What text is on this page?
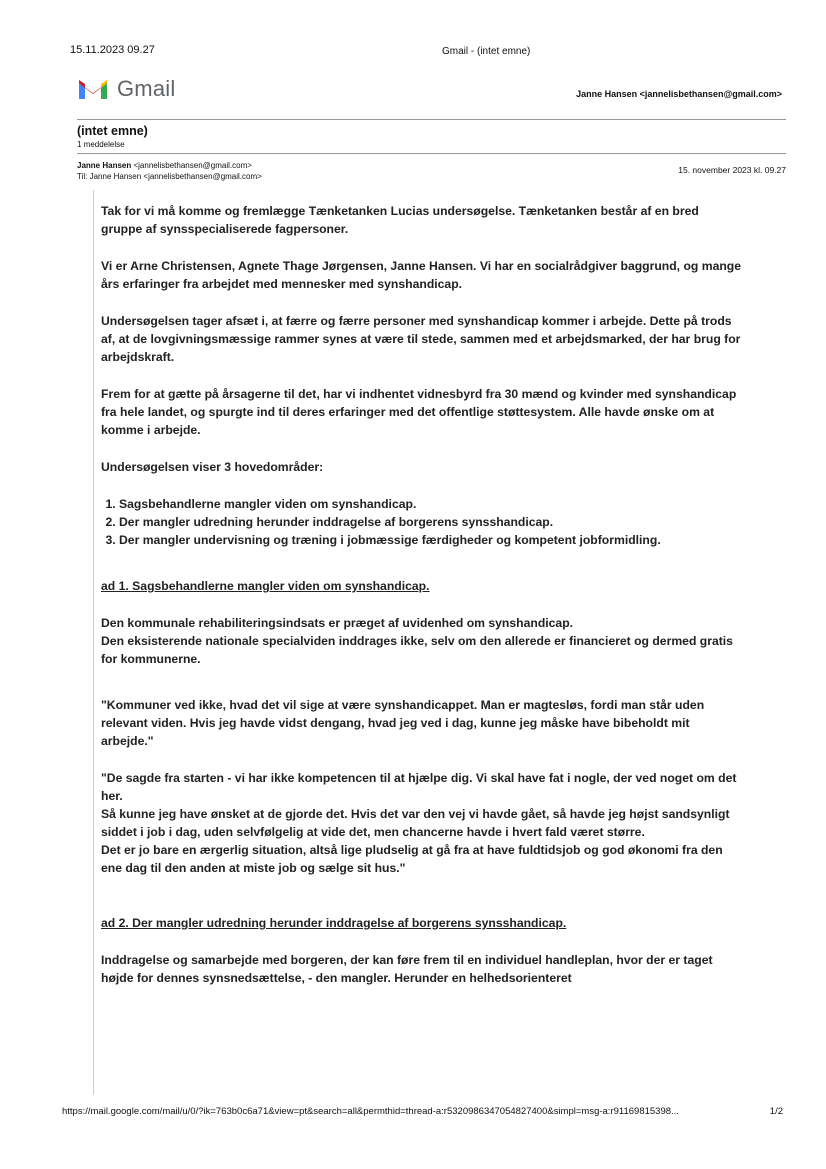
15.11.2023 09.27	Gmail - (intet emne)
Gmail	Janne Hansen <jannelisbethansen@gmail.com>
(intet emne)
1 meddelelse
Janne Hansen <jannelisbethansen@gmail.com>
Til: Janne Hansen <jannelisbethansen@gmail.com>
15. november 2023 kl. 09.27

Tak for vi må komme og fremlægge Tænketanken Lucias undersøgelse. Tænketanken består af en bred gruppe af synsspecialiserede fagpersoner.

Vi er Arne Christensen, Agnete Thage Jørgensen, Janne Hansen. Vi har en socialrådgiver baggrund, og mange års erfaringer fra arbejdet med mennesker med synshandicap.

Undersøgelsen tager afsæt i, at færre og færre personer med synshandicap kommer i arbejde. Dette på trods af, at de lovgivningsmæssige rammer synes at være til stede, sammen med et arbejdsmarked, der har brug for arbejdskraft.

Frem for at gætte på årsagerne til det, har vi indhentet vidnesbyrd fra 30 mænd og kvinder med synshandicap fra hele landet, og spurgte ind til deres erfaringer med det offentlige støttesystem. Alle havde ønske om at komme i arbejde.

Undersøgelsen viser 3 hovedområder:

1. Sagsbehandlerne mangler viden om synshandicap.
2. Der mangler udredning herunder inddragelse af borgerens synsshandicap.
3. Der mangler undervisning og træning i jobmæssige færdigheder og kompetent jobformidling.

ad 1. Sagsbehandlerne mangler viden om synshandicap.

Den kommunale rehabiliteringsindsats er præget af uvidenhed om synshandicap.

Den eksisterende nationale specialviden inddrages ikke, selv om den allerede er financieret og dermed gratis for kommunerne.

"Kommuner ved ikke, hvad det vil sige at være synshandicappet. Man er magtesløs, fordi man står uden relevant viden. Hvis jeg havde vidst dengang, hvad jeg ved i dag, kunne jeg måske have bibeholdt mit arbejde."

"De sagde fra starten - vi har ikke kompetencen til at hjælpe dig. Vi skal have fat i nogle, der ved noget om det her.

Så kunne jeg have ønsket at de gjorde det. Hvis det var den vej vi havde gået, så havde jeg højst sandsynligt siddet i job i dag, uden selvfølgelig at vide det, men chancerne havde i hvert fald været større.

Det er jo bare en ærgerlig situation, altså lige pludselig at gå fra at have fuldtidsjob og god økonomi fra den ene dag til den anden at miste job og sælge sit hus."

ad 2. Der mangler udredning herunder inddragelse af borgerens synsshandicap.

Inddragelse og samarbejde med borgeren, der kan føre frem til en individuel handleplan, hvor der er taget højde for dennes synsnedsættelse, - den mangler. Herunder en helhedsorienteret

https://mail.google.com/mail/u/0/?ik=763b0c6a71&view=pt&search=all&permthid=thread-a:r5320986347054827400&simpl=msg-a:r91169815398...	1/2
